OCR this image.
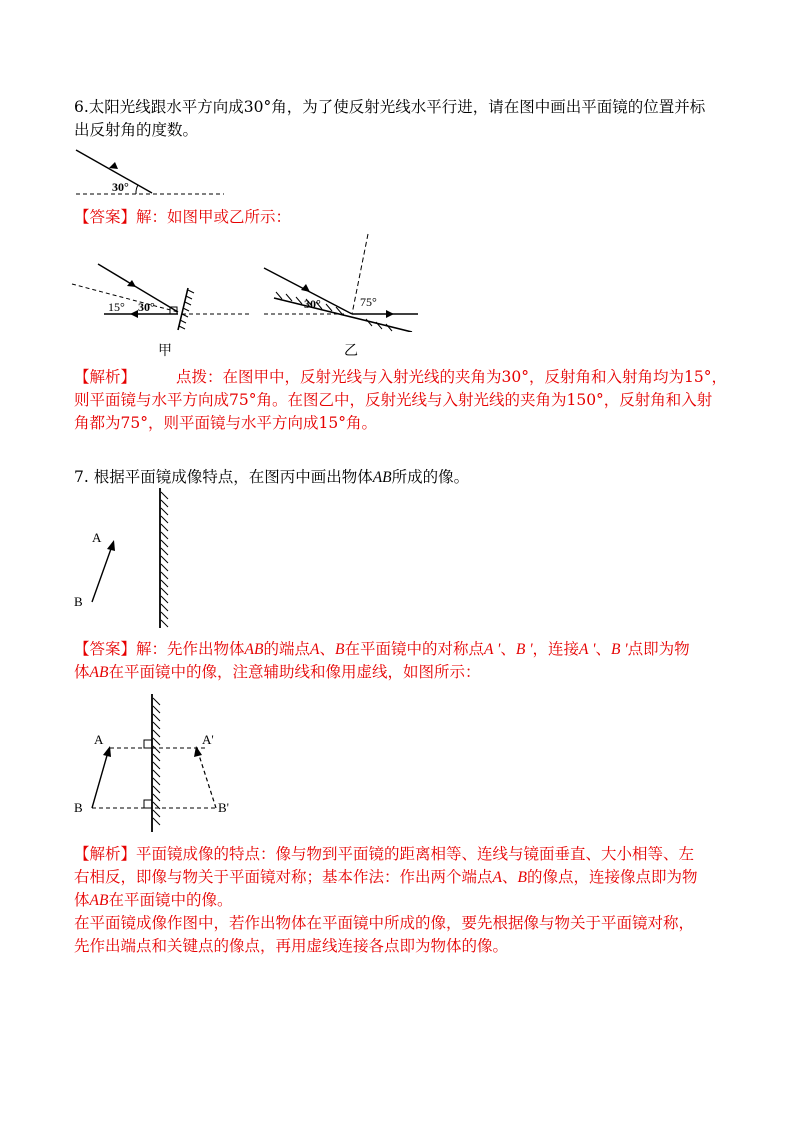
6.太阳光线跟水平方向成30°角，为了使反射光线水平行进，请在图中画出平面镜的位置并标
出反射角的度数。
30°
【答案】解：如图甲或乙所示：
15° 30°
甲
30°	75°
乙
【解析】	点拨：在图甲中，反射光线与入射光线的夹角为30°，反射角和入射角均为15°，
则平面镜与水平方向成75°角。在图乙中，反射光线与入射光线的夹角为150°，反射角和入射
角都为75°，则平面镜与水平方向成15°角。
7. 根据平面镜成像特点，在图丙中画出物体AB所成的像。
A
B
【答案】解：先作出物体AB的端点A、B在平面镜中的对称点A '、B '，连接A '、B '点即为物
体AB在平面镜中的像，注意辅助线和像用虚线，如图所示：
A
B
A'
B'
【解析】平面镜成像的特点：像与物到平面镜的距离相等、连线与镜面垂直、大小相等、左
右相反，即像与物关于平面镜对称；基本作法：作出两个端点A、B的像点，连接像点即为物
体AB在平面镜中的像。
在平面镜成像作图中，若作出物体在平面镜中所成的像，要先根据像与物关于平面镜对称，
先作出端点和关键点的像点，再用虚线连接各点即为物体的像。
